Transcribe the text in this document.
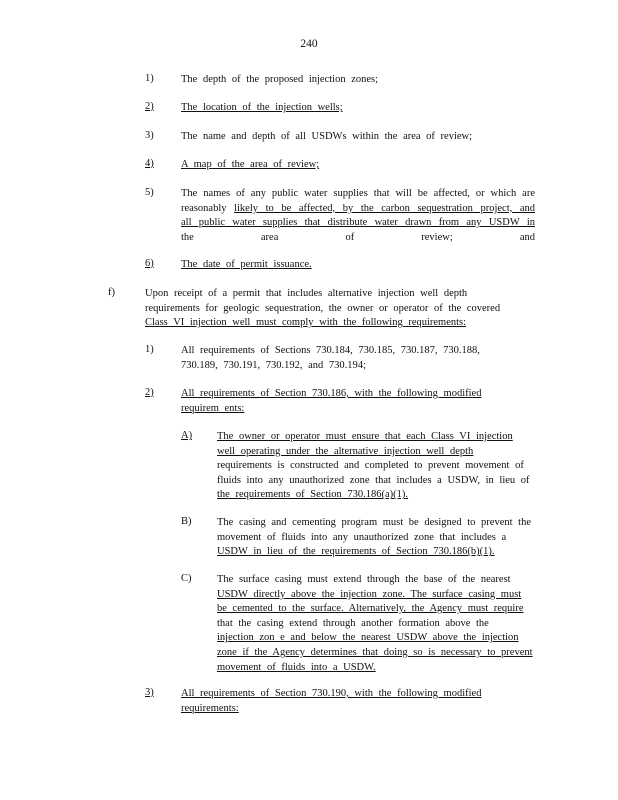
240
1)	The depth of the proposed injection zones;
2)	The location of the injection wells;
3)	The name and depth of all USDWs within the area of review;
4)	A map of the area of review;
5)	The names of any public water supplies that will be affected, or which are
reasonably likely to be affected, by the carbon sequestration project, and
all public water supplies that distribute water drawn from any USDW in
the area of review; and
6)	The date of permit issuance.
f)	Upon receipt of a permit that includes alternative injection well depth
requirements for geologic sequestration, the owner or operator of the covered
Class VI injection well must comply with the following requirements:
1)	All requirements of Sections 730.184, 730.185, 730.187, 730.188,
730.189, 730.191, 730.192, and 730.194;
2)	All requirements of Section 730.186, with the following modified
requirem ents:
A) The owner or operator must ensure that each Class VI injection
well operating under the alternative injection well depth
requirements is constructed and completed to prevent movement of
fluids into any unauthorized zone that includes a USDW, in lieu of
the requirements of Section 730.186(a)(1).
B) The casing and cementing program must be designed to prevent the
movement of fluids into any unauthorized zone that includes a
USDW in lieu of the requirements of Section 730.186(b)(1).
C) The surface casing must extend through the base of the nearest
USDW directly above the injection zone. The surface casing must
be cemented to the surface. Alternatively, the Agency must require
that the casing extend through another formation above the
injection zon e and below the nearest USDW above the injection
zone if the Agency determines that doing so is necessary to prevent
movement of fluids into a USDW.
3)	All requirements of Section 730.190, with the following modified
requirements:
